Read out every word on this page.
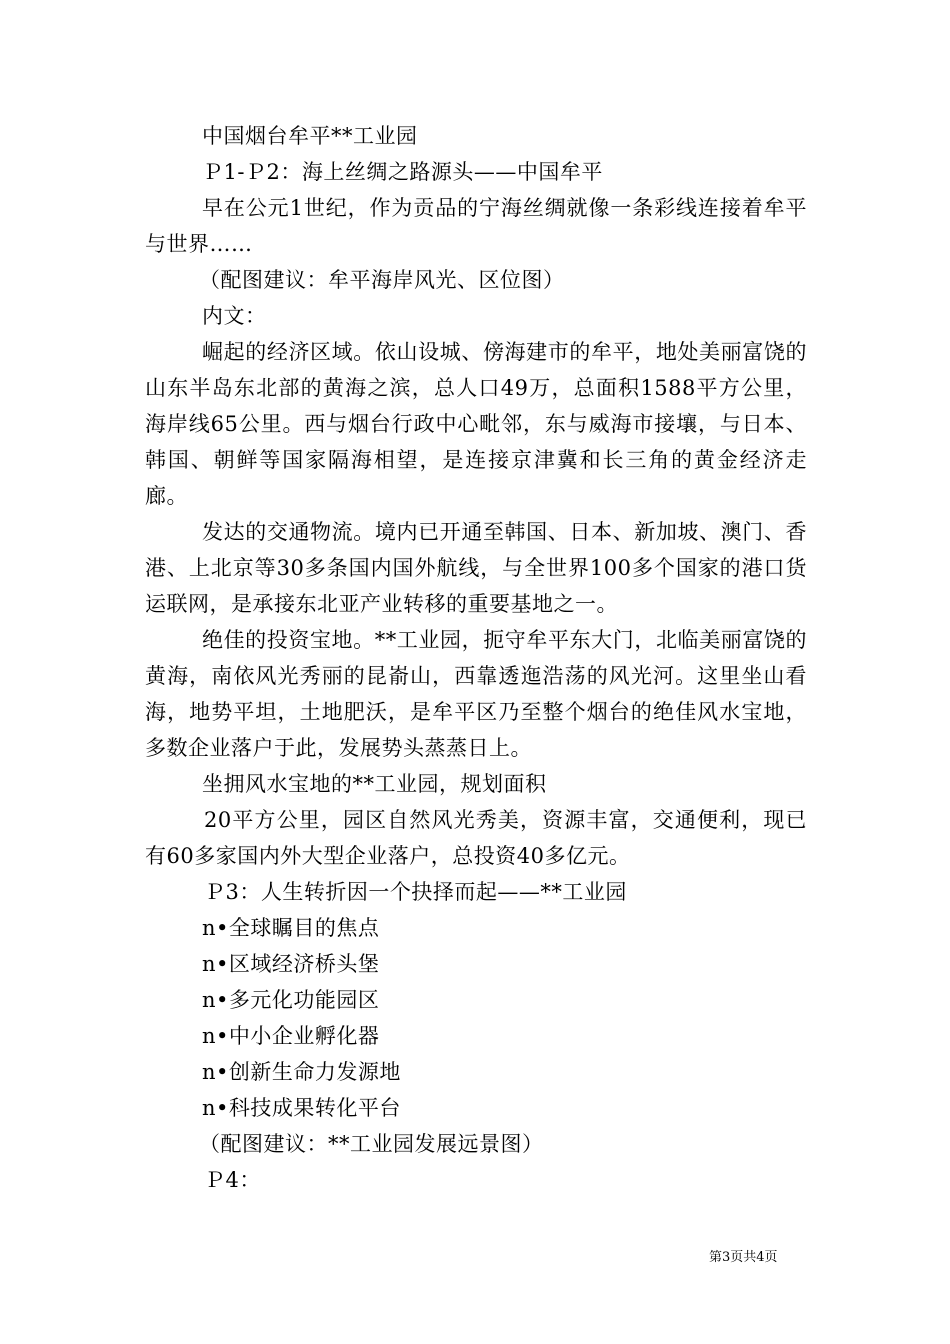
中国烟台牟平**工业园

Ｐ1-Ｐ2：海上丝绸之路源头——中国牟平

早在公元1世纪，作为贡品的宁海丝绸就像一条彩线连接着牟平与世界……

（配图建议：牟平海岸风光、区位图）

内文：

崛起的经济区域。依山设城、傍海建市的牟平，地处美丽富饶的山东半岛东北部的黄海之滨，总人口49万，总面积1588平方公里，海岸线65公里。西与烟台行政中心毗邻，东与威海市接壤，与日本、韩国、朝鲜等国家隔海相望，是连接京津冀和长三角的黄金经济走廊。

发达的交通物流。境内已开通至韩国、日本、新加坡、澳门、香港、上北京等30多条国内国外航线，与全世界100多个国家的港口货运联网，是承接东北亚产业转移的重要基地之一。

绝佳的投资宝地。**工业园，扼守牟平东大门，北临美丽富饶的黄海，南依风光秀丽的昆嵛山，西靠透迤浩荡的风光河。这里坐山看海，地势平坦，土地肥沃，是牟平区乃至整个烟台的绝佳风水宝地，多数企业落户于此，发展势头蒸蒸日上。

坐拥风水宝地的**工业园，规划面积

20平方公里，园区自然风光秀美，资源丰富，交通便利，现已有60多家国内外大型企业落户，总投资40多亿元。

Ｐ3：人生转折因一个抉择而起——**工业园

n•全球瞩目的焦点

n•区域经济桥头堡

n•多元化功能园区

n•中小企业孵化器

n•创新生命力发源地

n•科技成果转化平台

（配图建议：**工业园发展远景图）

Ｐ4：

第3页共4页
